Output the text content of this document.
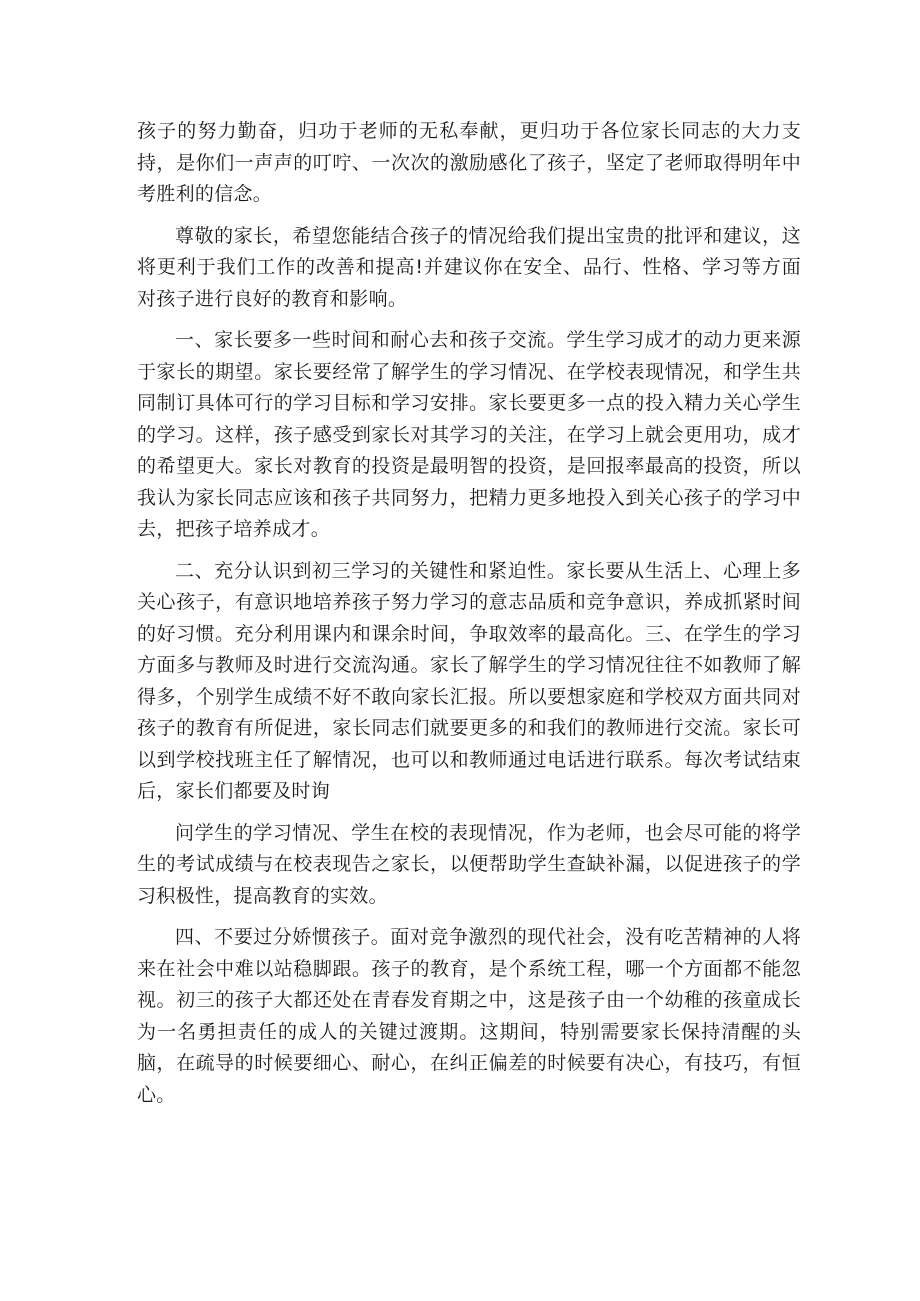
孩子的努力勤奋，归功于老师的无私奉献，更归功于各位家长同志的大力支持，是你们一声声的叮咛、一次次的激励感化了孩子，坚定了老师取得明年中考胜利的信念。

尊敬的家长，希望您能结合孩子的情况给我们提出宝贵的批评和建议，这将更利于我们工作的改善和提高!并建议你在安全、品行、性格、学习等方面对孩子进行良好的教育和影响。

一、家长要多一些时间和耐心去和孩子交流。学生学习成才的动力更来源于家长的期望。家长要经常了解学生的学习情况、在学校表现情况，和学生共同制订具体可行的学习目标和学习安排。家长要更多一点的投入精力关心学生的学习。这样，孩子感受到家长对其学习的关注，在学习上就会更用功，成才的希望更大。家长对教育的投资是最明智的投资，是回报率最高的投资，所以我认为家长同志应该和孩子共同努力，把精力更多地投入到关心孩子的学习中去，把孩子培养成才。

二、充分认识到初三学习的关键性和紧迫性。家长要从生活上、心理上多关心孩子，有意识地培养孩子努力学习的意志品质和竞争意识，养成抓紧时间的好习惯。充分利用课内和课余时间，争取效率的最高化。三、在学生的学习方面多与教师及时进行交流沟通。家长了解学生的学习情况往往不如教师了解得多，个别学生成绩不好不敢向家长汇报。所以要想家庭和学校双方面共同对孩子的教育有所促进，家长同志们就要更多的和我们的教师进行交流。家长可以到学校找班主任了解情况，也可以和教师通过电话进行联系。每次考试结束后，家长们都要及时询

问学生的学习情况、学生在校的表现情况，作为老师，也会尽可能的将学生的考试成绩与在校表现告之家长，以便帮助学生查缺补漏，以促进孩子的学习积极性，提高教育的实效。

四、不要过分娇惯孩子。面对竞争激烈的现代社会，没有吃苦精神的人将来在社会中难以站稳脚跟。孩子的教育，是个系统工程，哪一个方面都不能忽视。初三的孩子大都还处在青春发育期之中，这是孩子由一个幼稚的孩童成长为一名勇担责任的成人的关键过渡期。这期间，特别需要家长保持清醒的头脑，在疏导的时候要细心、耐心，在纠正偏差的时候要有决心，有技巧，有恒心。
